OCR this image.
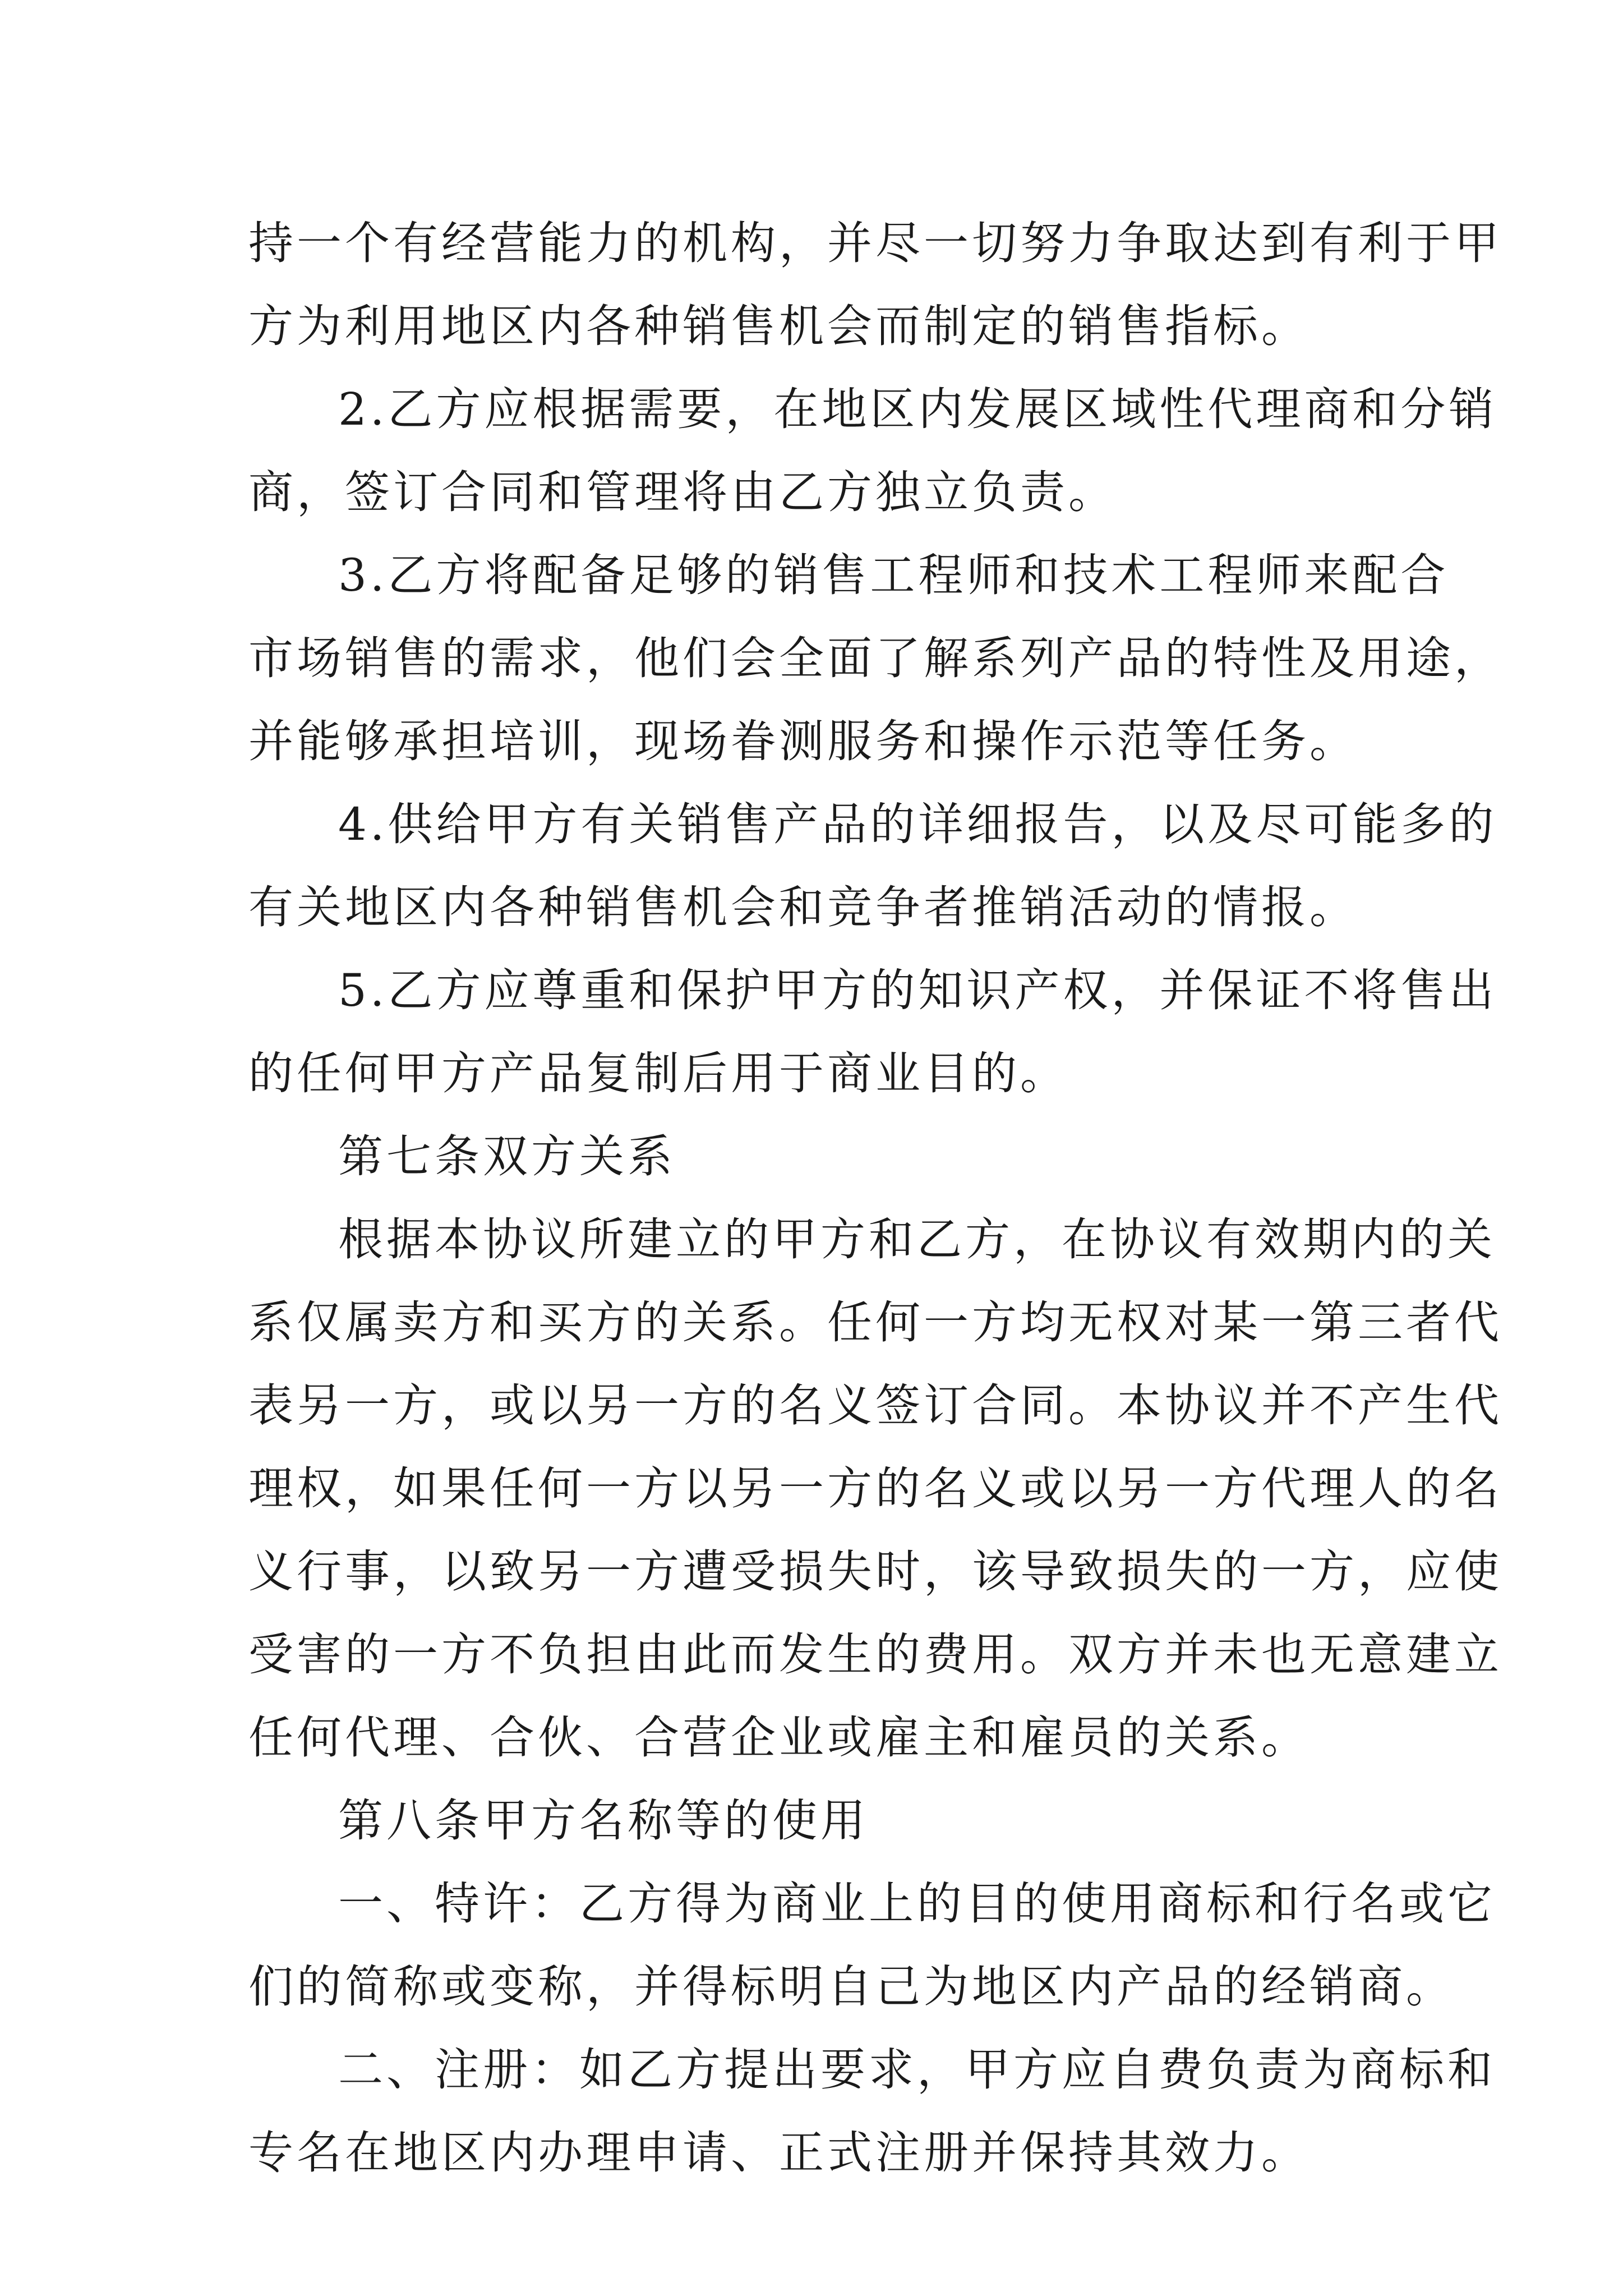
持一个有经营能力的机构，并尽一切努力争取达到有利于甲
方为利用地区内各种销售机会而制定的销售指标。

2.乙方应根据需要，在地区内发展区域性代理商和分销
商，签订合同和管理将由乙方独立负责。

3.乙方将配备足够的销售工程师和技术工程师来配合
市场销售的需求，他们会全面了解系列产品的特性及用途，
并能够承担培训，现场眷测服务和操作示范等任务。

4.供给甲方有关销售产品的详细报告，以及尽可能多的
有关地区内各种销售机会和竞争者推销活动的情报。

5.乙方应尊重和保护甲方的知识产权，并保证不将售出
的任何甲方产品复制后用于商业目的。

第七条双方关系

根据本协议所建立的甲方和乙方，在协议有效期内的关
系仅属卖方和买方的关系。任何一方均无权对某一第三者代
表另一方，或以另一方的名义签订合同。本协议并不产生代
理权，如果任何一方以另一方的名义或以另一方代理人的名
义行事，以致另一方遭受损失时，该导致损失的一方，应使
受害的一方不负担由此而发生的费用。双方并未也无意建立
任何代理、合伙、合营企业或雇主和雇员的关系。

第八条甲方名称等的使用

一、特许：乙方得为商业上的目的使用商标和行名或它
们的简称或变称，并得标明自己为地区内产品的经销商。

二、注册：如乙方提出要求，甲方应自费负责为商标和
专名在地区内办理申请、正式注册并保持其效力。
